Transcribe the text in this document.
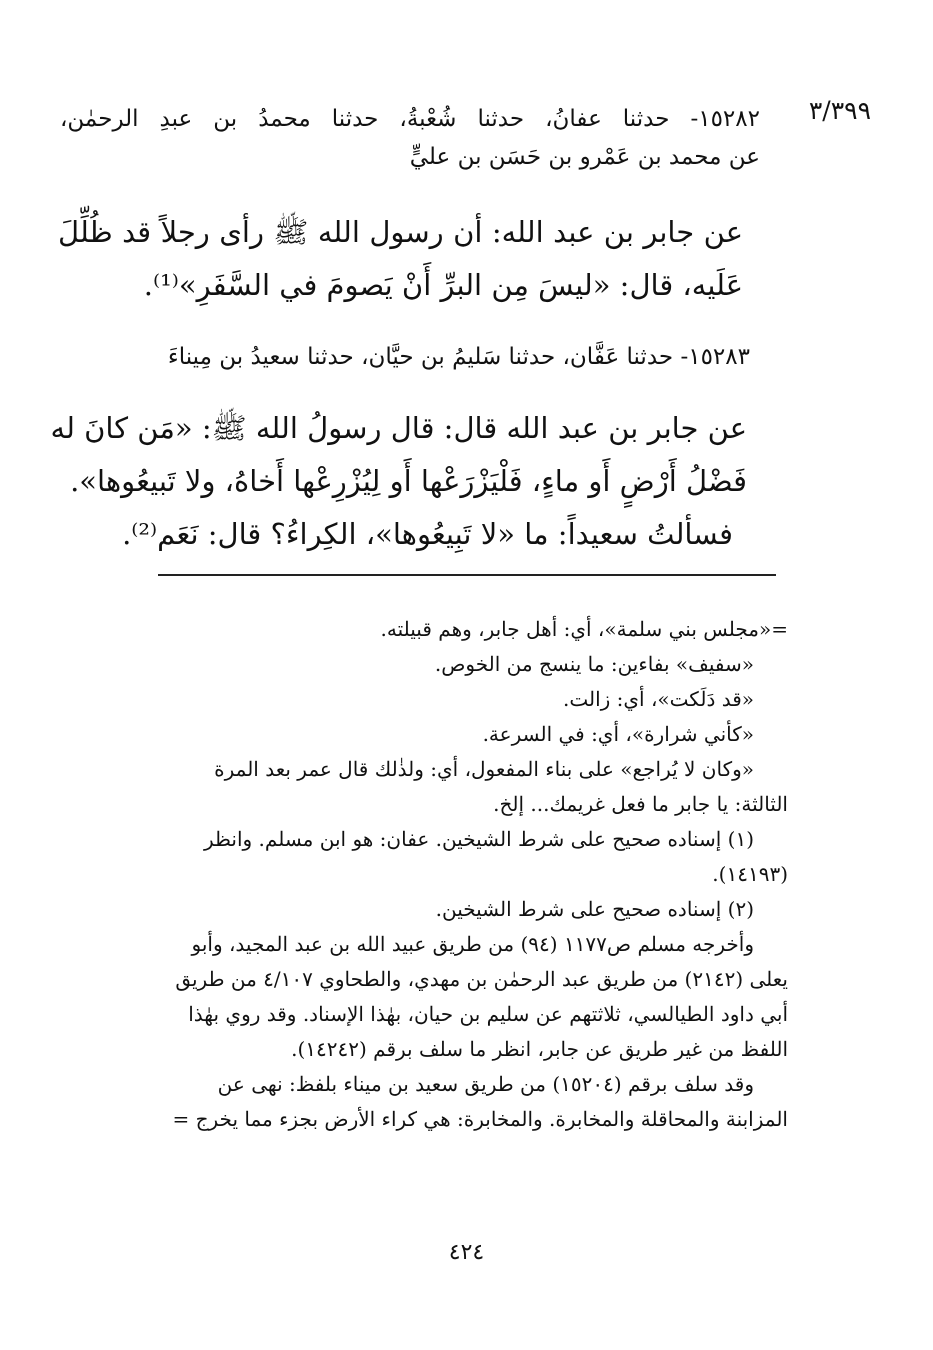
٣/٣٩٩
١٥٢٨٢- حدثنا عفانُ، حدثنا شُعْبةُ، حدثنا محمدُ بن عبدِ الرحمٰن،
عن محمد بن عَمْرو بن حَسَن بن عليٍّ
عن جابر بن عبد الله: أن رسول الله ﷺ رأى رجلاً قد ظُلِّلَ
عَلَيه، قال: «ليسَ مِن البرِّ أَنْ يَصومَ في السَّفَرِ»⁽¹⁾.
١٥٢٨٣- حدثنا عَفَّان، حدثنا سَليمُ بن حيَّان، حدثنا سعيدُ بن مِيناءَ
عن جابر بن عبد الله قال: قال رسولُ الله ﷺ: «مَن كانَ له
فَضْلُ أَرْضٍ أَو ماءٍ، فَلْيَزْرَعْها أَو لِيُزْرِعْها أَخاهُ، ولا تَبيعُوها».
فسألتُ سعيداً: ما «لا تَبِيعُوها»، الكِراءُ؟ قال: نَعَم⁽²⁾.
=«مجلس بني سلمة»، أي: أهل جابر، وهم قبيلته.
«سفيف» بفاءين: ما ينسج من الخوص.
«قد دَلَكت»، أي: زالت.
«كأني شرارة»، أي: في السرعة.
«وكان لا يُراجع» على بناء المفعول، أي: ولذٰلك قال عمر بعد المرة
الثالثة: يا جابر ما فعل غريمك... إلخ.
(١) إسناده صحيح على شرط الشيخين. عفان: هو ابن مسلم. وانظر
(١٤١٩٣).
(٢) إسناده صحيح على شرط الشيخين.
وأخرجه مسلم ص١١٧٧ (٩٤) من طريق عبيد الله بن عبد المجيد، وأبو
يعلى (٢١٤٢) من طريق عبد الرحمٰن بن مهدي، والطحاوي ٤/١٠٧ من طريق
أبي داود الطيالسي، ثلاثتهم عن سليم بن حيان، بهٰذا الإسناد. وقد روي بهٰذا
اللفظ من غير طريق عن جابر، انظر ما سلف برقم (١٤٢٤٢).
وقد سلف برقم (١٥٢٠٤) من طريق سعيد بن ميناء بلفظ: نهى عن
المزابنة والمحاقلة والمخابرة. والمخابرة: هي كراء الأرض بجزء مما يخرج =
٤٢٤
